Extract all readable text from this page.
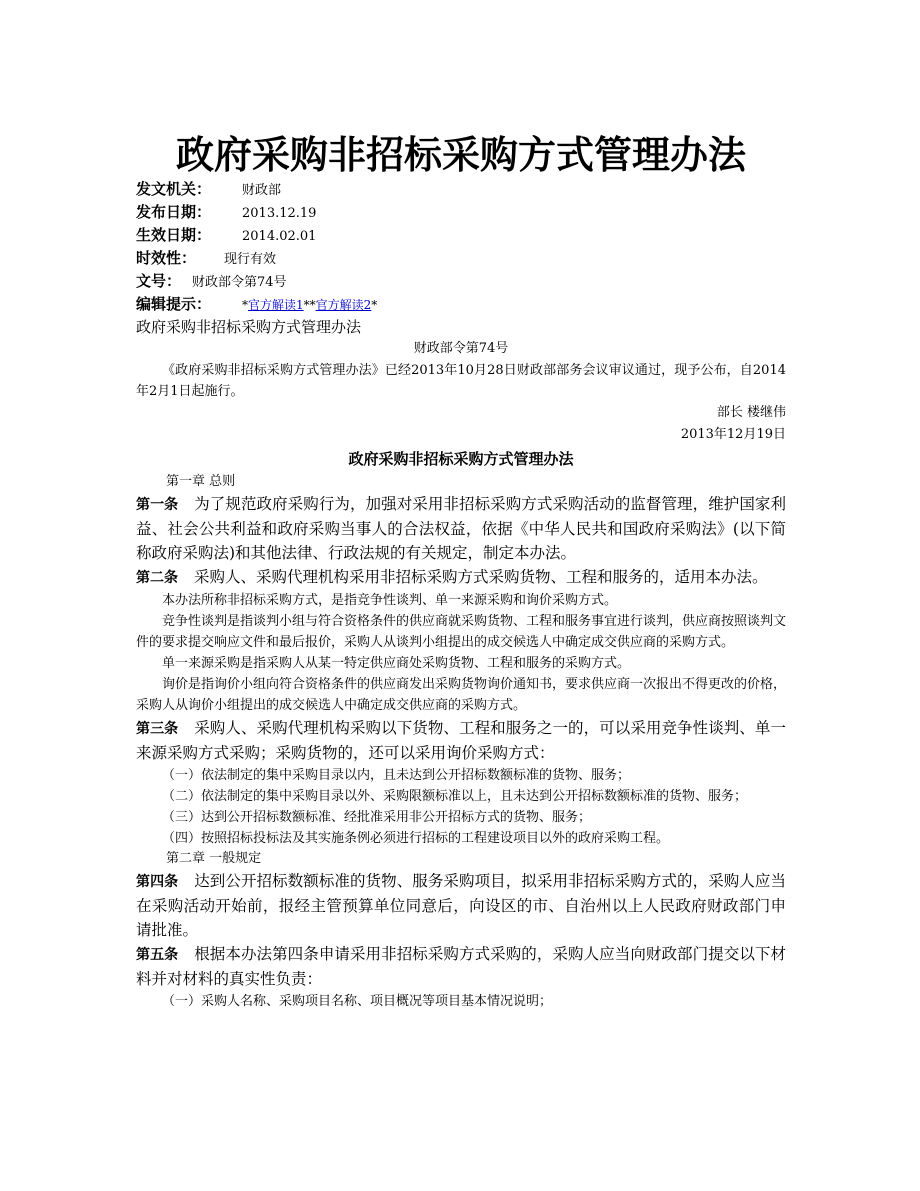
政府采购非招标采购方式管理办法
发文机关：	财政部
发布日期：	2013.12.19
生效日期：	2014.02.01
时效性：	现行有效
文号： 财政部令第74号
编辑提示：	*官方解读1**官方解读2*
政府采购非招标采购方式管理办法
财政部令第74号
《政府采购非招标采购方式管理办法》已经2013年10月28日财政部部务会议审议通过，现予公布，自2014年2月1日起施行。
部长 楼继伟
2013年12月19日
政府采购非招标采购方式管理办法
第一章 总则
第一条 为了规范政府采购行为，加强对采用非招标采购方式采购活动的监督管理，维护国家利益、社会公共利益和政府采购当事人的合法权益，依据《中华人民共和国政府采购法》(以下简称政府采购法)和其他法律、行政法规的有关规定，制定本办法。
第二条 采购人、采购代理机构采用非招标采购方式采购货物、工程和服务的，适用本办法。
本办法所称非招标采购方式，是指竞争性谈判、单一来源采购和询价采购方式。
竞争性谈判是指谈判小组与符合资格条件的供应商就采购货物、工程和服务事宜进行谈判，供应商按照谈判文件的要求提交响应文件和最后报价，采购人从谈判小组提出的成交候选人中确定成交供应商的采购方式。
单一来源采购是指采购人从某一特定供应商处采购货物、工程和服务的采购方式。
询价是指询价小组向符合资格条件的供应商发出采购货物询价通知书，要求供应商一次报出不得更改的价格，采购人从询价小组提出的成交候选人中确定成交供应商的采购方式。
第三条 采购人、采购代理机构采购以下货物、工程和服务之一的，可以采用竞争性谈判、单一来源采购方式采购；采购货物的，还可以采用询价采购方式：
（一）依法制定的集中采购目录以内，且未达到公开招标数额标准的货物、服务；
（二）依法制定的集中采购目录以外、采购限额标准以上，且未达到公开招标数额标准的货物、服务；
（三）达到公开招标数额标准、经批准采用非公开招标方式的货物、服务；
（四）按照招标投标法及其实施条例必须进行招标的工程建设项目以外的政府采购工程。
第二章 一般规定
第四条 达到公开招标数额标准的货物、服务采购项目，拟采用非招标采购方式的，采购人应当在采购活动开始前，报经主管预算单位同意后，向设区的市、自治州以上人民政府财政部门申请批准。
第五条 根据本办法第四条申请采用非招标采购方式采购的，采购人应当向财政部门提交以下材料并对材料的真实性负责：
（一）采购人名称、采购项目名称、项目概况等项目基本情况说明；
